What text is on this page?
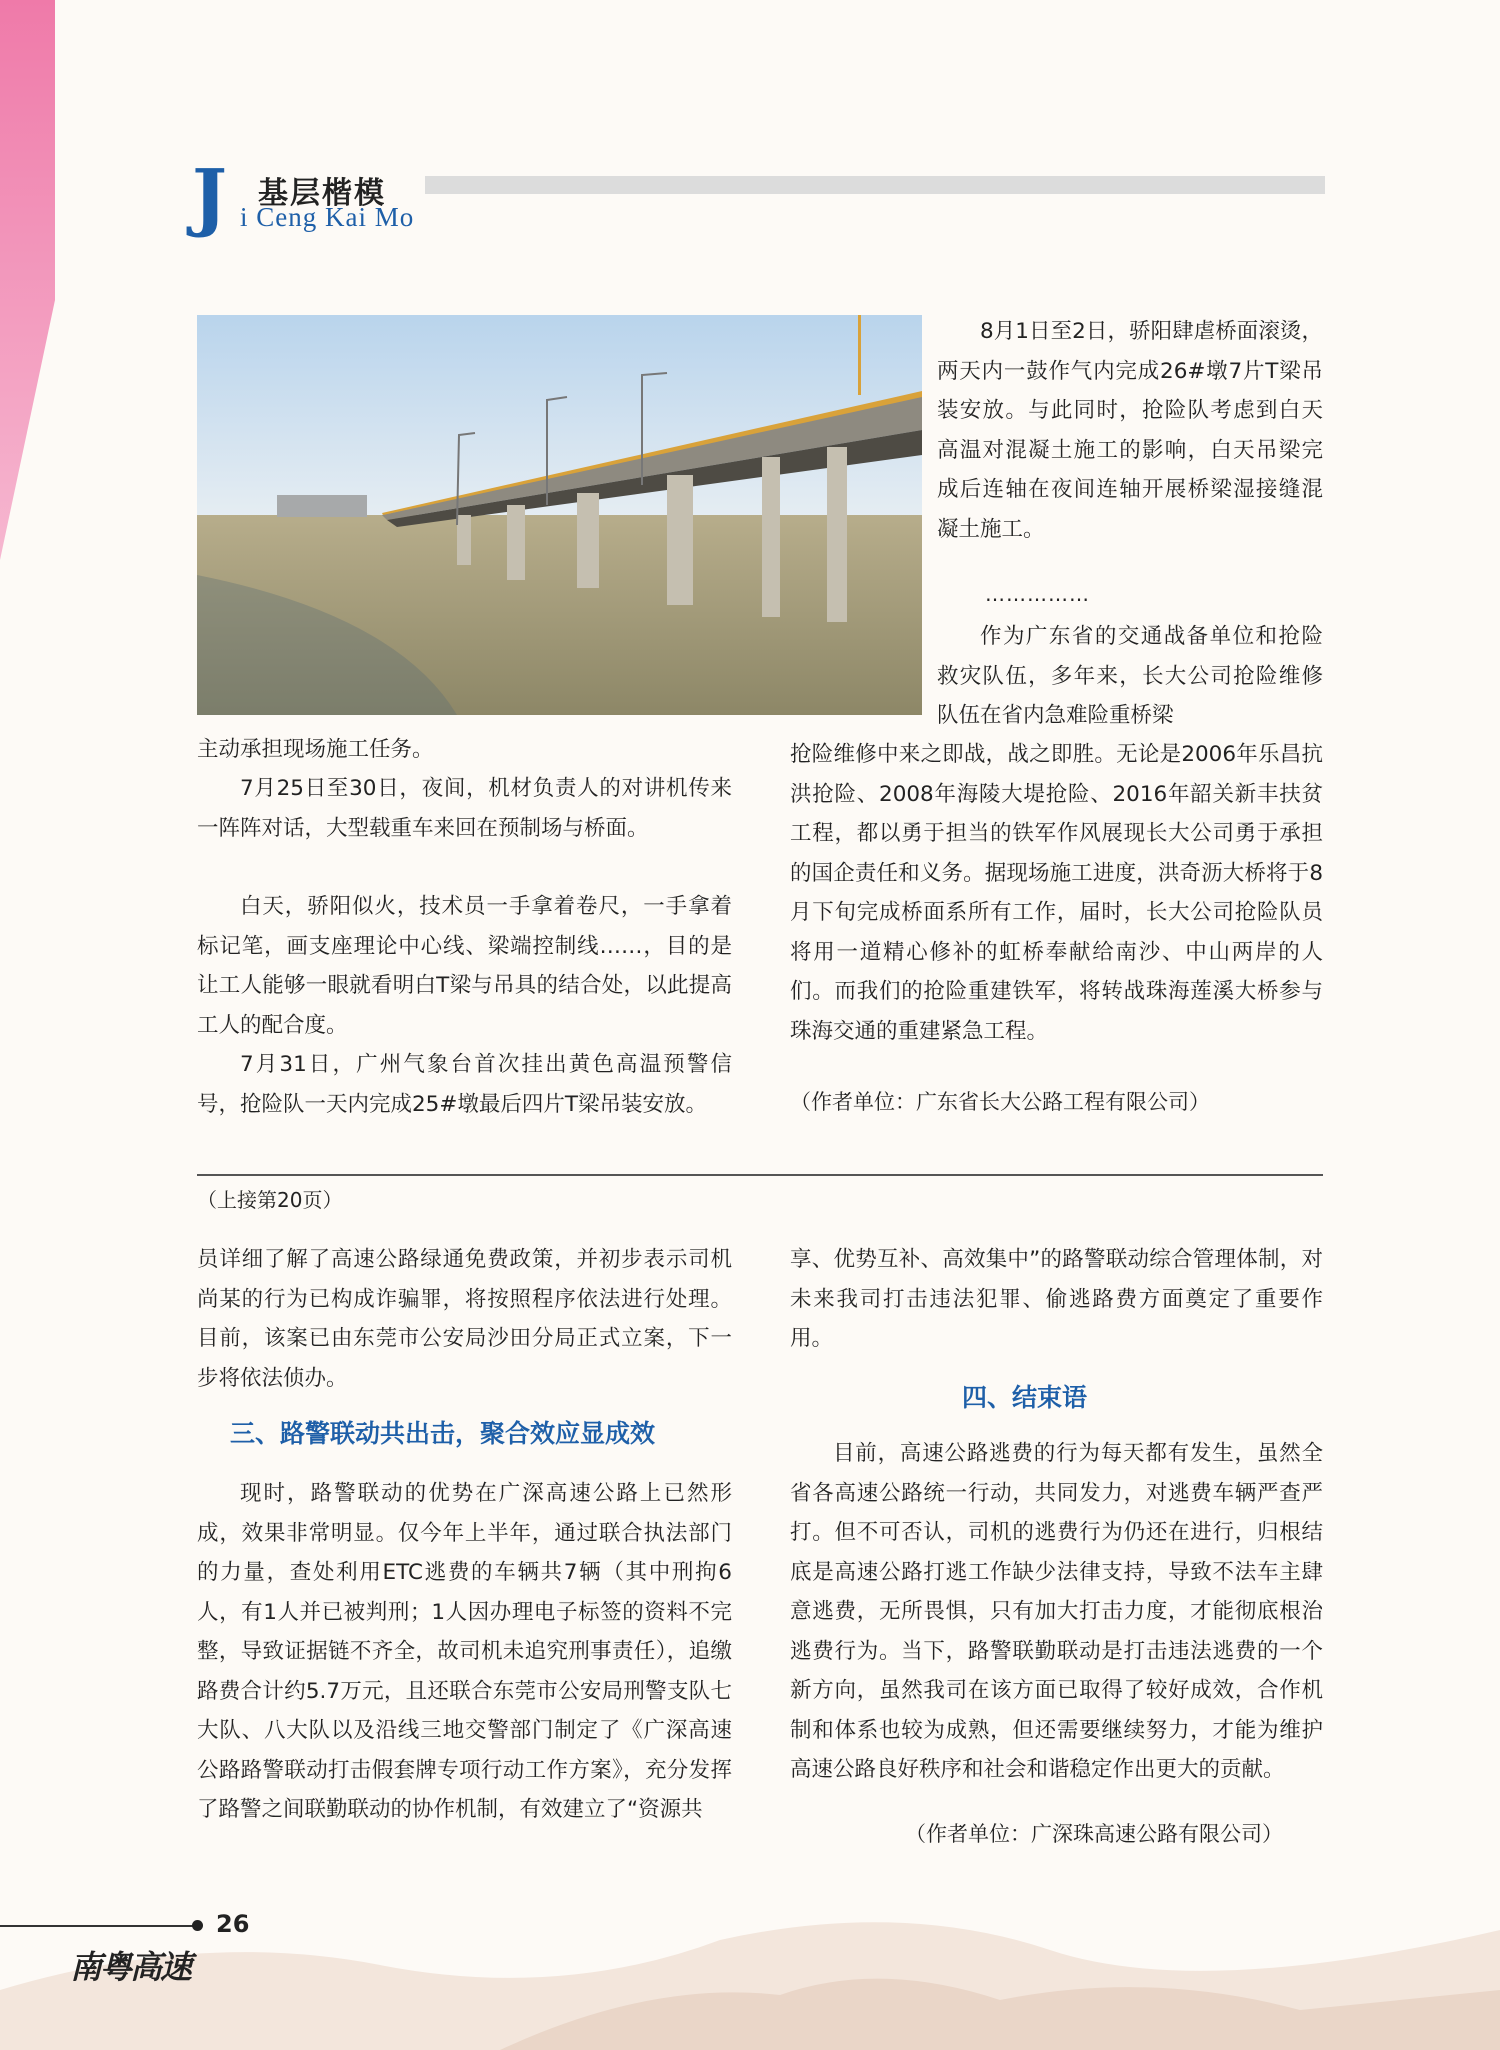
J 基层楷模
i Ceng Kai Mo

主动承担现场施工任务。

7月25日至30日，夜间，机材负责人的对讲机传来一阵阵对话，大型载重车来回在预制场与桥面。

白天，骄阳似火，技术员一手拿着卷尺，一手拿着标记笔，画支座理论中心线、梁端控制线……，目的是让工人能够一眼就看明白T梁与吊具的结合处，以此提高工人的配合度。

7月31日，广州气象台首次挂出黄色高温预警信号，抢险队一天内完成25#墩最后四片T梁吊装安放。

8月1日至2日，骄阳肆虐桥面滚烫，两天内一鼓作气内完成26#墩7片T梁吊装安放。与此同时，抢险队考虑到白天高温对混凝土施工的影响，白天吊梁完成后连轴在夜间连轴开展桥梁湿接缝混凝土施工。

……………

作为广东省的交通战备单位和抢险救灾队伍，多年来，长大公司抢险维修队伍在省内急难险重桥梁

抢险维修中来之即战，战之即胜。无论是2006年乐昌抗洪抢险、2008年海陵大堤抢险、2016年韶关新丰扶贫工程，都以勇于担当的铁军作风展现长大公司勇于承担的国企责任和义务。据现场施工进度，洪奇沥大桥将于8月下旬完成桥面系所有工作，届时，长大公司抢险队员将用一道精心修补的虹桥奉献给南沙、中山两岸的人们。而我们的抢险重建铁军，将转战珠海莲溪大桥参与珠海交通的重建紧急工程。

（作者单位：广东省长大公路工程有限公司）
（上接第20页）

员详细了解了高速公路绿通免费政策，并初步表示司机尚某的行为已构成诈骗罪，将按照程序依法进行处理。目前，该案已由东莞市公安局沙田分局正式立案，下一步将依法侦办。

三、路警联动共出击，聚合效应显成效

现时，路警联动的优势在广深高速公路上已然形成，效果非常明显。仅今年上半年，通过联合执法部门的力量，查处利用ETC逃费的车辆共7辆（其中刑拘6人，有1人并已被判刑；1人因办理电子标签的资料不完整，导致证据链不齐全，故司机未追究刑事责任），追缴路费合计约5.7万元，且还联合东莞市公安局刑警支队七大队、八大队以及沿线三地交警部门制定了《广深高速公路路警联动打击假套牌专项行动工作方案》，充分发挥了路警之间联勤联动的协作机制，有效建立了“资源共

享、优势互补、高效集中”的路警联动综合管理体制，对未来我司打击违法犯罪、偷逃路费方面奠定了重要作用。

四、结束语

目前，高速公路逃费的行为每天都有发生，虽然全省各高速公路统一行动，共同发力，对逃费车辆严查严打。但不可否认，司机的逃费行为仍还在进行，归根结底是高速公路打逃工作缺少法律支持，导致不法车主肆意逃费，无所畏惧，只有加大打击力度，才能彻底根治逃费行为。当下，路警联勤联动是打击违法逃费的一个新方向，虽然我司在该方面已取得了较好成效，合作机制和体系也较为成熟，但还需要继续努力，才能为维护高速公路良好秩序和社会和谐稳定作出更大的贡献。

（作者单位：广深珠高速公路有限公司）
26
南粤高速
